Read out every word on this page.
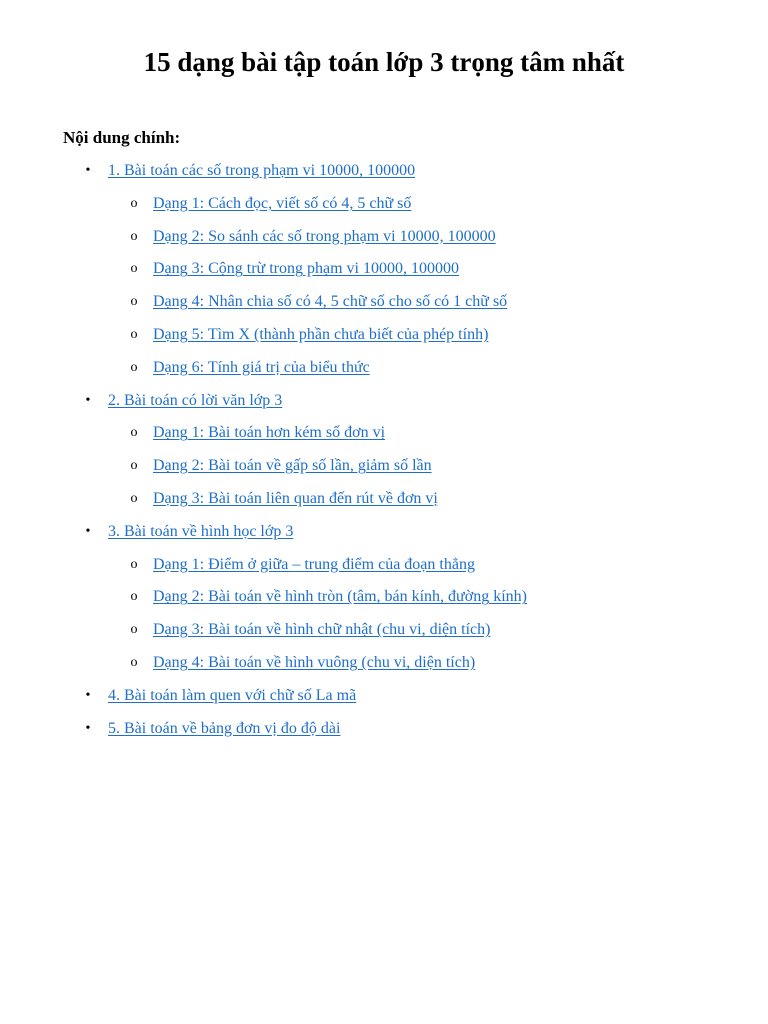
15 dạng bài tập toán lớp 3 trọng tâm nhất
Nội dung chính:
• 1. Bài toán các số trong phạm vi 10000, 100000
o Dạng 1: Cách đọc, viết số có 4, 5 chữ số
o Dạng 2: So sánh các số trong phạm vi 10000, 100000
o Dạng 3: Cộng trừ trong phạm vi 10000, 100000
o Dạng 4: Nhân chia số có 4, 5 chữ số cho số có 1 chữ số
o Dạng 5: Tìm X (thành phần chưa biết của phép tính)
o Dạng 6: Tính giá trị của biểu thức
• 2. Bài toán có lời văn lớp 3
o Dạng 1: Bài toán hơn kém số đơn vị
o Dạng 2: Bài toán về gấp số lần, giảm số lần
o Dạng 3: Bài toán liên quan đến rút về đơn vị
• 3. Bài toán về hình học lớp 3
o Dạng 1: Điểm ở giữa – trung điểm của đoạn thẳng
o Dạng 2: Bài toán về hình tròn (tâm, bán kính, đường kính)
o Dạng 3: Bài toán về hình chữ nhật (chu vi, diện tích)
o Dạng 4: Bài toán về hình vuông (chu vi, diện tích)
• 4. Bài toán làm quen với chữ số La mã
• 5. Bài toán về bảng đơn vị đo độ dài
